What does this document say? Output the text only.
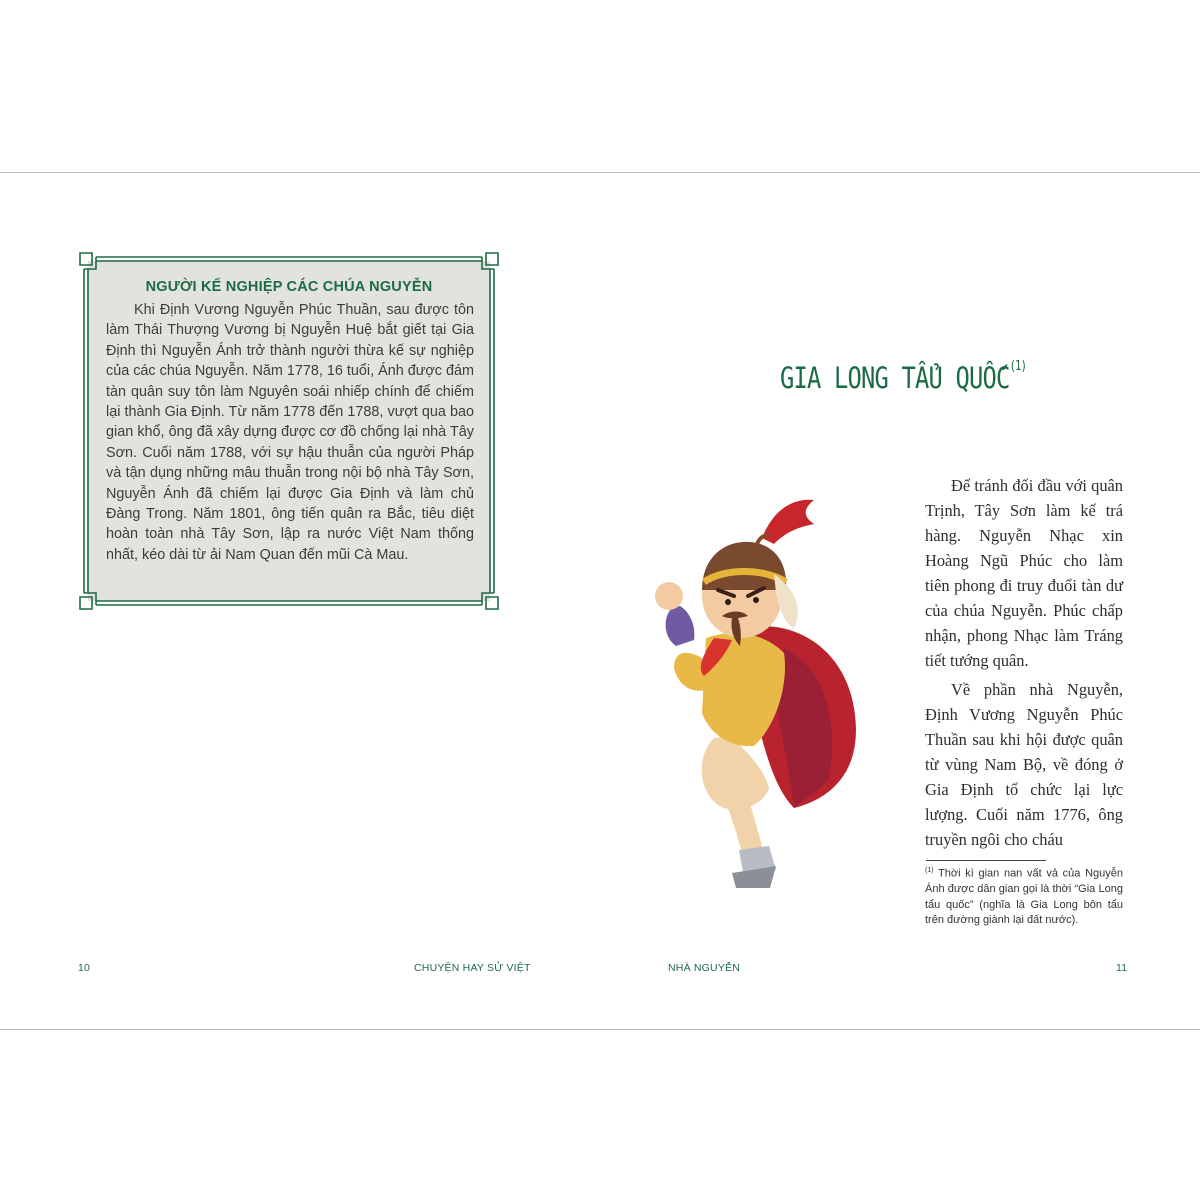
NGƯỜI KẾ NGHIỆP CÁC CHÚA NGUYỄN
Khi Định Vương Nguyễn Phúc Thuần, sau được tôn làm Thái Thượng Vương bị Nguyễn Huệ bắt giết tại Gia Định thì Nguyễn Ánh trở thành người thừa kế sự nghiệp của các chúa Nguyễn. Năm 1778, 16 tuổi, Ánh được đám tàn quân suy tôn làm Nguyên soái nhiếp chính để chiếm lại thành Gia Định. Từ năm 1778 đến 1788, vượt qua bao gian khổ, ông đã xây dựng được cơ đồ chống lại nhà Tây Sơn. Cuối năm 1788, với sự hậu thuẫn của người Pháp và tận dụng những mâu thuẫn trong nội bộ nhà Tây Sơn, Nguyễn Ánh đã chiếm lại được Gia Định và làm chủ Đàng Trong. Năm 1801, ông tiến quân ra Bắc, tiêu diệt hoàn toàn nhà Tây Sơn, lập ra nước Việt Nam thống nhất, kéo dài từ ải Nam Quan đến mũi Cà Mau.
10	CHUYỆN HAY SỬ VIỆT
GIA LONG TẨU QUỐC$^{(1)}$

Để tránh đối đầu với quân Trịnh, Tây Sơn làm kế trá hàng. Nguyễn Nhạc xin Hoàng Ngũ Phúc cho làm tiên phong đi truy đuổi tàn dư của chúa Nguyễn. Phúc chấp nhận, phong Nhạc làm Tráng tiết tướng quân.

Về phần nhà Nguyễn, Định Vương Nguyễn Phúc Thuần sau khi hội được quân từ vùng Nam Bộ, về đóng ở Gia Định tổ chức lại lực lượng. Cuối năm 1776, ông truyền ngôi cho cháu

$^{(1)}$ Thời kì gian nan vất vả của Nguyễn Ánh được dân gian gọi là thời “Gia Long tẩu quốc” (nghĩa là Gia Long bôn tẩu trên đường giành lại đất nước).
NHÀ NGUYỄN	11
